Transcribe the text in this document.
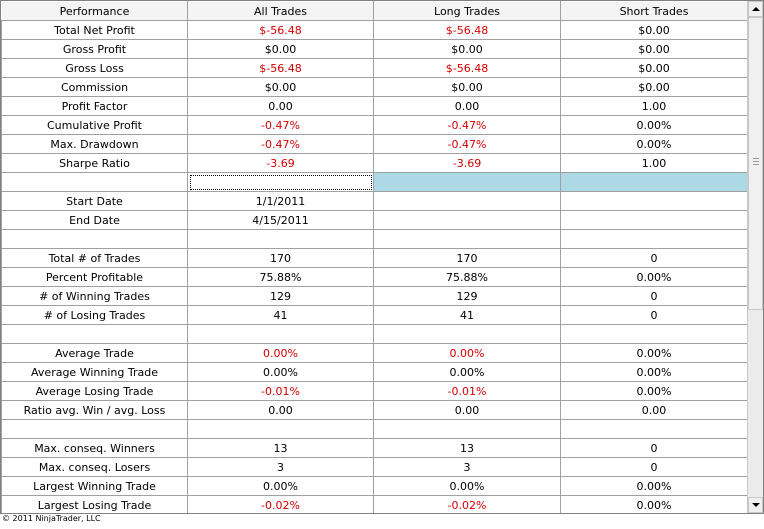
Performance	All Trades	Long Trades	Short Trades
Total Net Profit	$-56.48	$-56.48	$0.00
Gross Profit	$0.00	$0.00	$0.00
Gross Loss	$-56.48	$-56.48	$0.00
Commission	$0.00	$0.00	$0.00
Profit Factor	0.00	0.00	1.00
Cumulative Profit	-0.47%	-0.47%	0.00%
Max. Drawdown	-0.47%	-0.47%	0.00%
Sharpe Ratio	-3.69	-3.69	1.00

Start Date	1/1/2011		
End Date	4/15/2011		

Total # of Trades	170	170	0
Percent Profitable	75.88%	75.88%	0.00%
# of Winning Trades	129	129	0
# of Losing Trades	41	41	0

Average Trade	0.00%	0.00%	0.00%
Average Winning Trade	0.00%	0.00%	0.00%
Average Losing Trade	-0.01%	-0.01%	0.00%
Ratio avg. Win / avg. Loss	0.00	0.00	0.00

Max. conseq. Winners	13	13	0
Max. conseq. Losers	3	3	0
Largest Winning Trade	0.00%	0.00%	0.00%
Largest Losing Trade	-0.02%	-0.02%	0.00%
© 2011 NinjaTrader, LLC
